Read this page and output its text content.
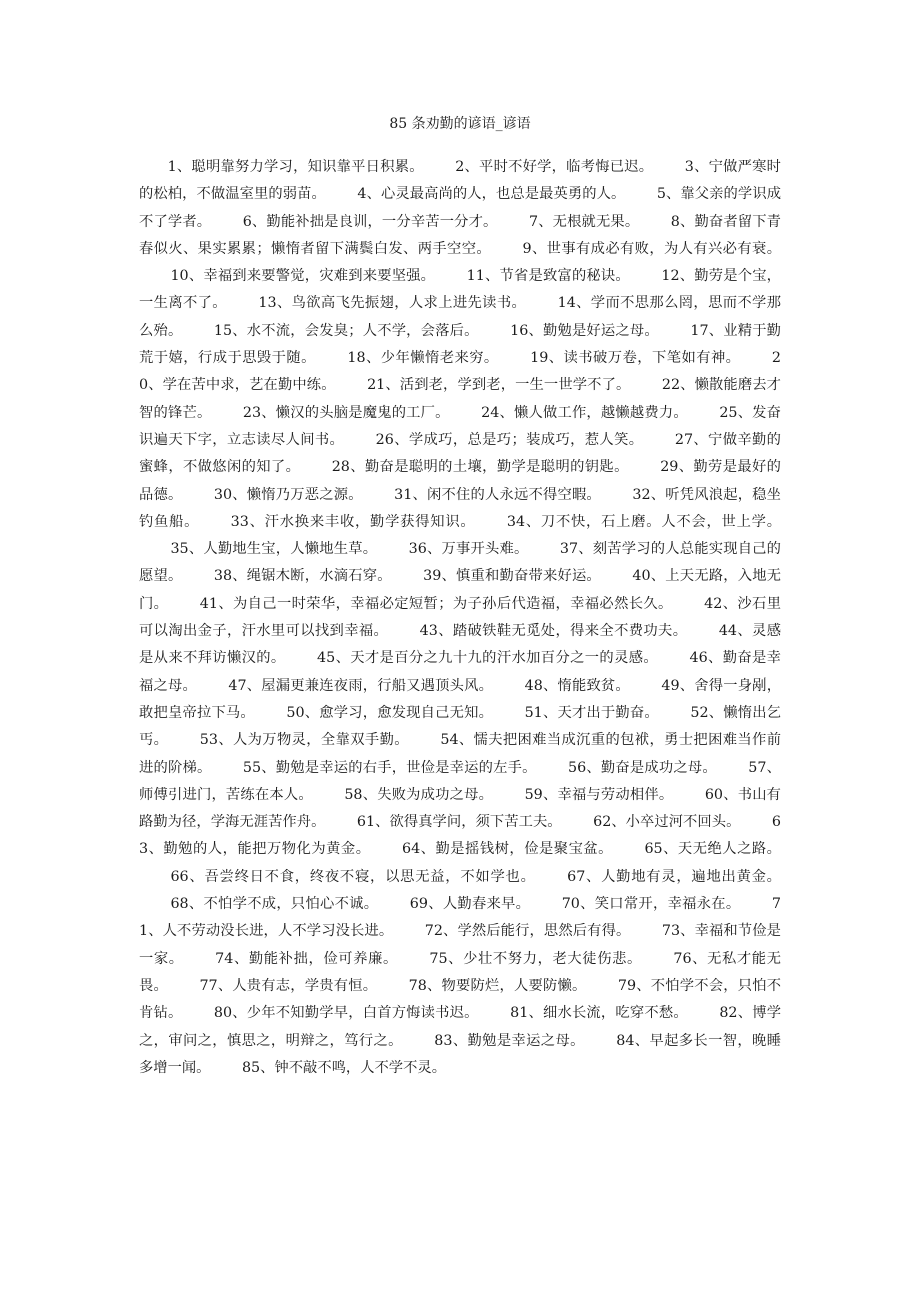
85 条劝勤的谚语_谚语

1、聪明靠努力学习，知识靠平日积累。 2、平时不好学，临考悔已迟。 3、宁做严寒时的松柏，不做温室里的弱苗。 4、心灵最高尚的人，也总是最英勇的人。 5、靠父亲的学识成不了学者。 6、勤能补拙是良训，一分辛苦一分才。 7、无根就无果。 8、勤奋者留下青春似火、果实累累；懒惰者留下满鬓白发、两手空空。 9、世事有成必有败，为人有兴必有衰。10、幸福到来要警觉，灾难到来要坚强。 11、节省是致富的秘诀。 12、勤劳是个宝，一生离不了。 13、鸟欲高飞先振翅，人求上进先读书。 14、学而不思那么罔，思而不学那么殆。 15、水不流，会发臭；人不学，会落后。 16、勤勉是好运之母。 17、业精于勤荒于嬉，行成于思毁于随。 18、少年懒惰老来穷。 19、读书破万卷，下笔如有神。 20、学在苦中求，艺在勤中练。 21、活到老，学到老，一生一世学不了。 22、懒散能磨去才智的锋芒。 23、懒汉的头脑是魔鬼的工厂。 24、懒人做工作，越懒越费力。 25、发奋识遍天下字，立志读尽人间书。 26、学成巧，总是巧；装成巧，惹人笑。 27、宁做辛勤的蜜蜂，不做悠闲的知了。 28、勤奋是聪明的土壤，勤学是聪明的钥匙。 29、勤劳是最好的品德。 30、懒惰乃万恶之源。 31、闲不住的人永远不得空暇。 32、听凭风浪起，稳坐钓鱼船。 33、汗水换来丰收，勤学获得知识。 34、刀不快，石上磨。人不会，世上学。35、人勤地生宝，人懒地生草。 36、万事开头难。 37、刻苦学习的人总能实现自己的愿望。 38、绳锯木断，水滴石穿。 39、慎重和勤奋带来好运。 40、上天无路，入地无门。 41、为自己一时荣华，幸福必定短暂；为子孙后代造福，幸福必然长久。 42、沙石里可以淘出金子，汗水里可以找到幸福。 43、踏破铁鞋无觅处，得来全不费功夫。 44、灵感是从来不拜访懒汉的。 45、天才是百分之九十九的汗水加百分之一的灵感。 46、勤奋是幸福之母。 47、屋漏更兼连夜雨，行船又遇顶头风。 48、惰能致贫。 49、舍得一身剐，敢把皇帝拉下马。 50、愈学习，愈发现自己无知。 51、天才出于勤奋。 52、懒惰出乞丐。 53、人为万物灵，全靠双手勤。 54、懦夫把困难当成沉重的包袱，勇士把困难当作前进的阶梯。 55、勤勉是幸运的右手，世俭是幸运的左手。 56、勤奋是成功之母。 57、师傅引进门，苦练在本人。 58、失败为成功之母。 59、幸福与劳动相伴。 60、书山有路勤为径，学海无涯苦作舟。 61、欲得真学问，须下苦工夫。 62、小卒过河不回头。 63、勤勉的人，能把万物化为黄金。 64、勤是摇钱树，俭是聚宝盆。 65、天无绝人之路。66、吾尝终日不食，终夜不寝，以思无益，不如学也。 67、人勤地有灵，遍地出黄金。68、不怕学不成，只怕心不诚。 69、人勤春来早。 70、笑口常开，幸福永在。 71、人不劳动没长进，人不学习没长进。 72、学然后能行，思然后有得。 73、幸福和节俭是一家。 74、勤能补拙，俭可养廉。 75、少壮不努力，老大徒伤悲。 76、无私才能无畏。 77、人贵有志，学贵有恒。 78、物要防烂，人要防懒。 79、不怕学不会，只怕不肯钻。 80、少年不知勤学早，白首方悔读书迟。 81、细水长流，吃穿不愁。 82、博学之，审问之，慎思之，明辩之，笃行之。 83、勤勉是幸运之母。 84、早起多长一智，晚睡多增一闻。 85、钟不敲不鸣，人不学不灵。
